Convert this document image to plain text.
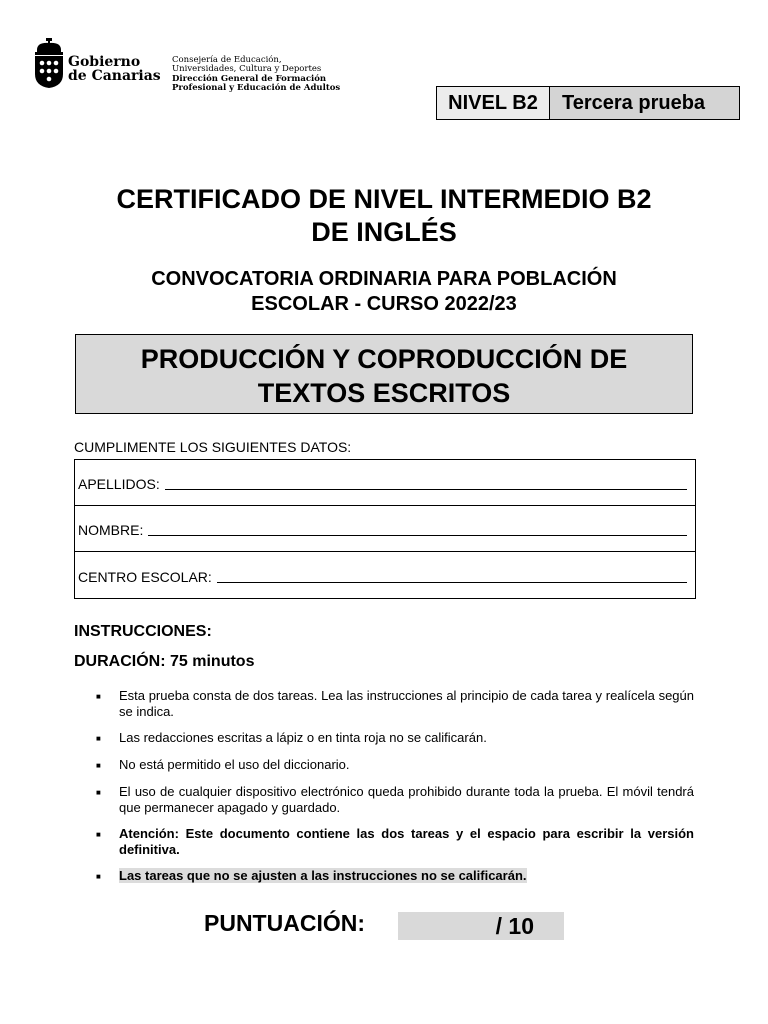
Gobierno
de Canarias
Consejería de Educación,
Universidades, Cultura y Deportes
Dirección General de Formación
Profesional y Educación de Adultos
NIVEL B2	Tercera prueba
CERTIFICADO DE NIVEL INTERMEDIO B2
DE INGLÉS
CONVOCATORIA ORDINARIA PARA POBLACIÓN
ESCOLAR - CURSO 2022/23
PRODUCCIÓN Y COPRODUCCIÓN DE
TEXTOS ESCRITOS
CUMPLIMENTE LOS SIGUIENTES DATOS:
APELLIDOS:
NOMBRE:
CENTRO ESCOLAR:
INSTRUCCIONES:
DURACIÓN: 75 minutos
■	Esta prueba consta de dos tareas. Lea las instrucciones al principio de cada tarea y realícela según se indica.
■	Las redacciones escritas a lápiz o en tinta roja no se calificarán.
■	No está permitido el uso del diccionario.
■	El uso de cualquier dispositivo electrónico queda prohibido durante toda la prueba. El móvil tendrá que permanecer apagado y guardado.
■	Atención: Este documento contiene las dos tareas y el espacio para escribir la versión definitiva.
■	Las tareas que no se ajusten a las instrucciones no se calificarán.
PUNTUACIÓN:	/ 10
